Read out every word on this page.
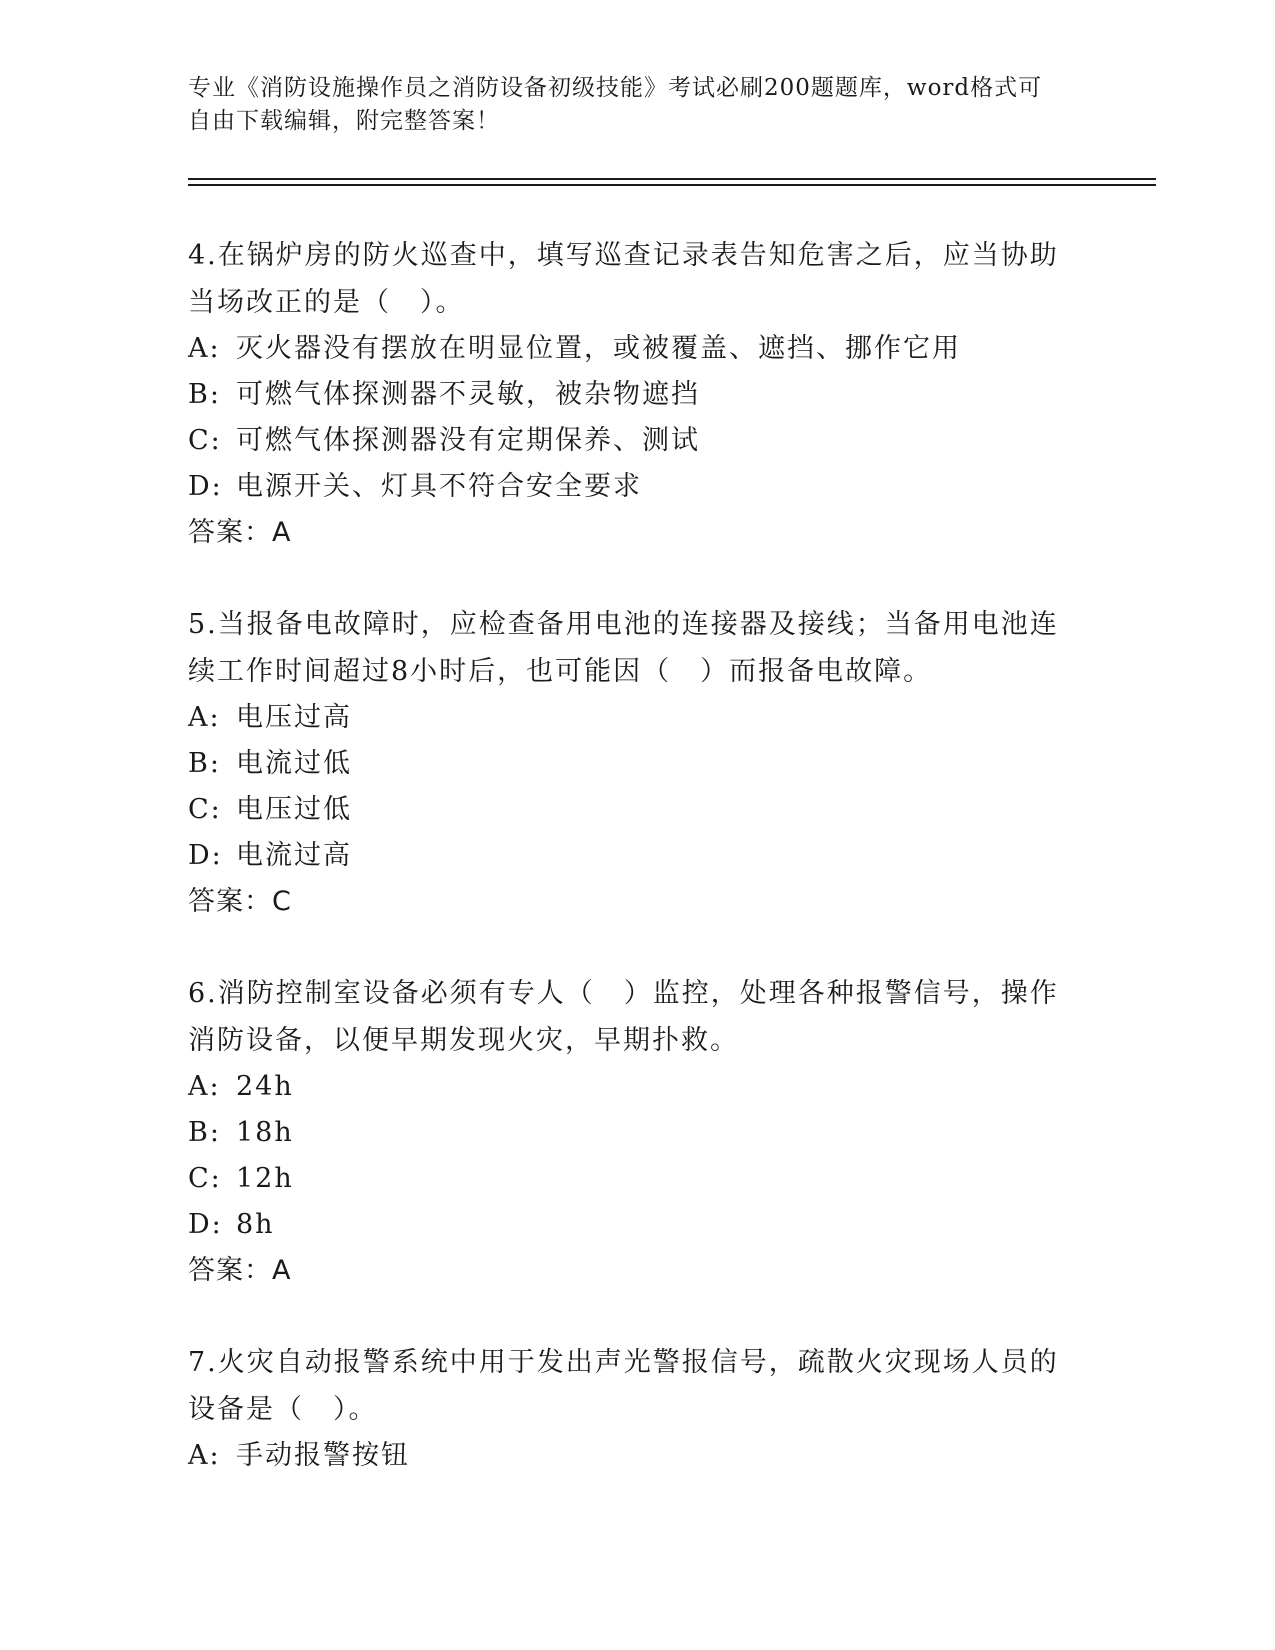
专业《消防设施操作员之消防设备初级技能》考试必刷200题题库，word格式可
自由下载编辑，附完整答案！

4.在锅炉房的防火巡查中，填写巡查记录表告知危害之后，应当协助
当场改正的是（　）。

A: 灭火器没有摆放在明显位置，或被覆盖、遮挡、挪作它用
B: 可燃气体探测器不灵敏，被杂物遮挡
C: 可燃气体探测器没有定期保养、测试
D: 电源开关、灯具不符合安全要求
答案：A

5.当报备电故障时，应检查备用电池的连接器及接线；当备用电池连
续工作时间超过8小时后，也可能因（　）而报备电故障。

A: 电压过高
B: 电流过低
C: 电压过低
D: 电流过高
答案：C

6.消防控制室设备必须有专人（　）监控，处理各种报警信号，操作
消防设备，以便早期发现火灾，早期扑救。

A: 24h
B: 18h
C: 12h
D: 8h
答案：A

7.火灾自动报警系统中用于发出声光警报信号，疏散火灾现场人员的
设备是（　）。

A: 手动报警按钮
